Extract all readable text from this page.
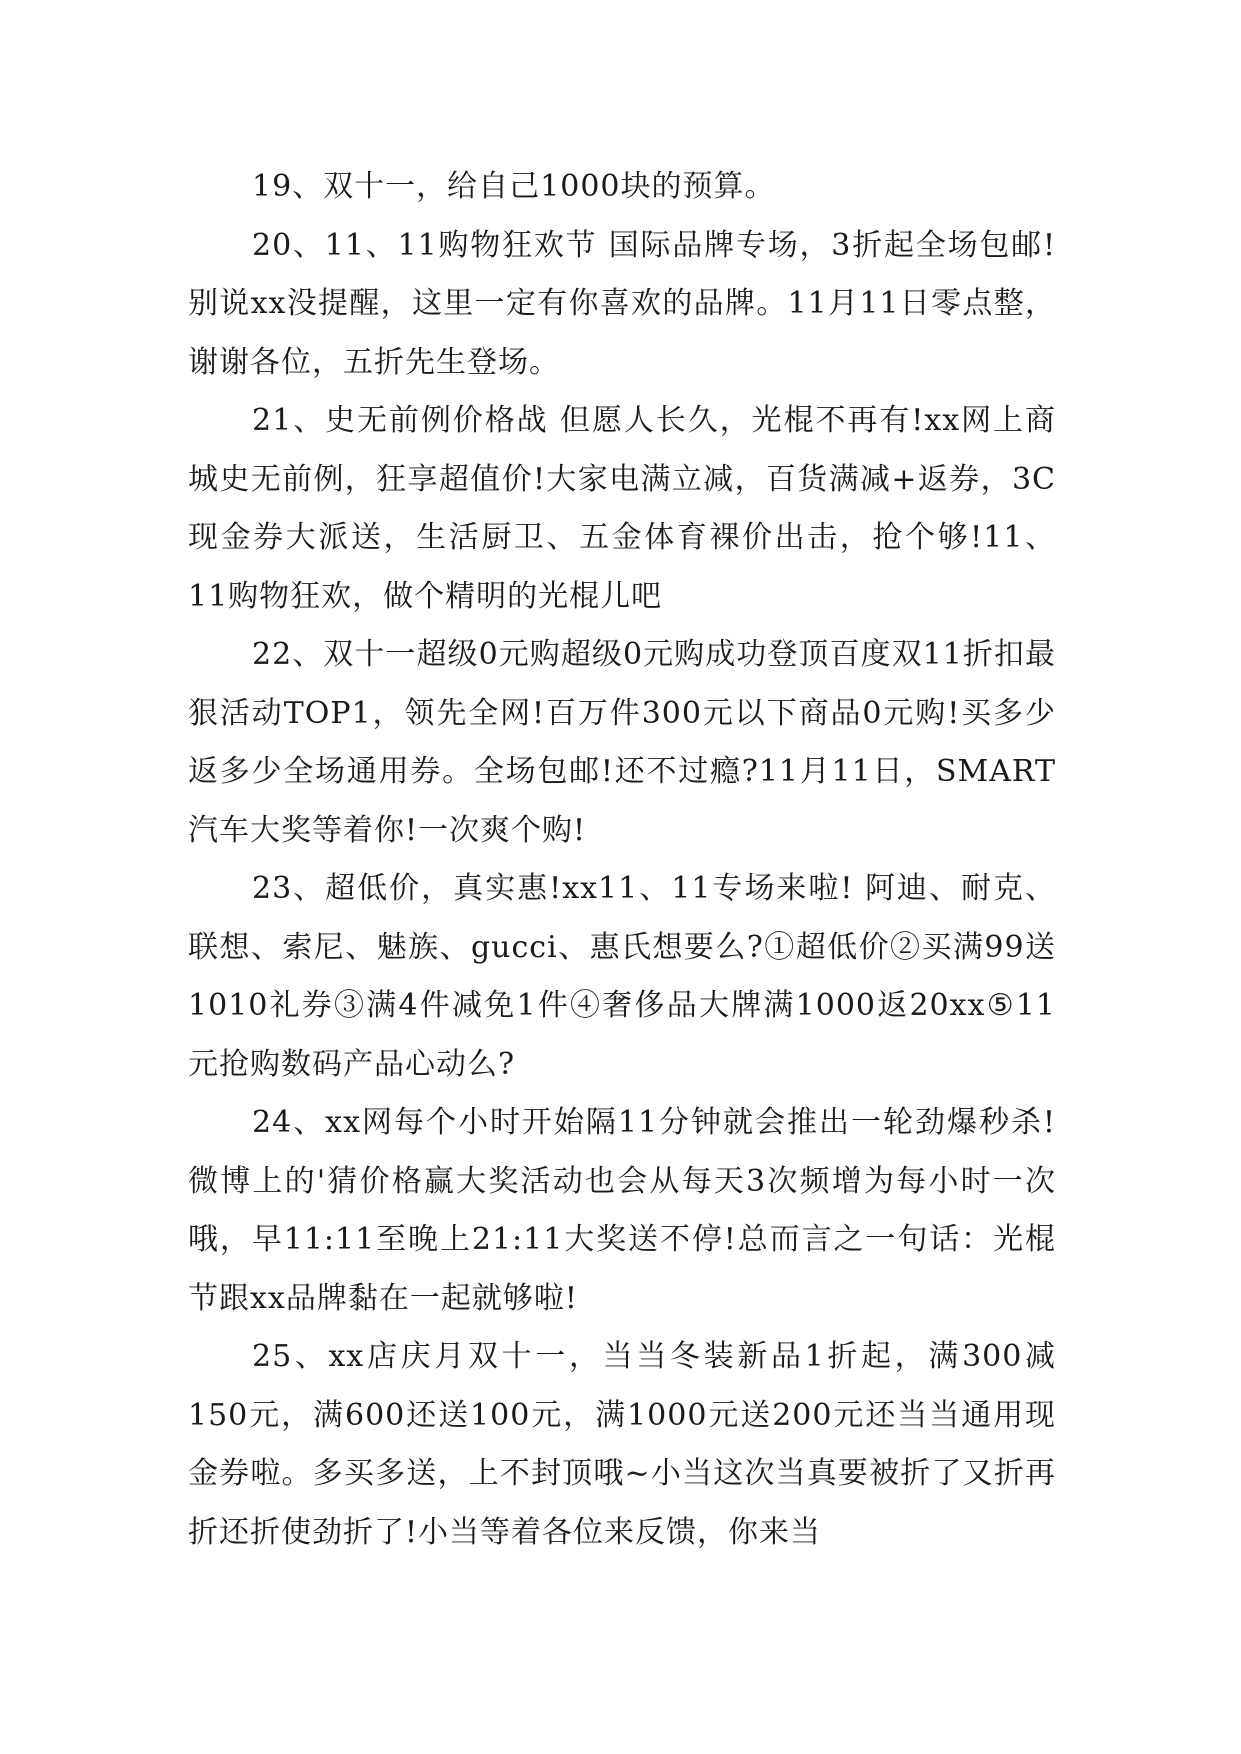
19、双十一，给自己1000块的预算。

20、11、11购物狂欢节 国际品牌专场，3折起全场包邮!别说xx没提醒，这里一定有你喜欢的品牌。11月11日零点整，谢谢各位，五折先生登场。

21、史无前例价格战 但愿人长久，光棍不再有!xx网上商城史无前例，狂享超值价!大家电满立减，百货满减+返券，3C现金券大派送，生活厨卫、五金体育裸价出击，抢个够!11、11购物狂欢，做个精明的光棍儿吧

22、双十一超级0元购超级0元购成功登顶百度双11折扣最狠活动TOP1，领先全网!百万件300元以下商品0元购!买多少返多少全场通用券。全场包邮!还不过瘾?11月11日，SMART汽车大奖等着你!一次爽个购!

23、超低价，真实惠!xx11、11专场来啦! 阿迪、耐克、联想、索尼、魅族、gucci、惠氏想要么?①超低价②买满99送1010礼券③满4件减免1件④奢侈品大牌满1000返20xx⑤11元抢购数码产品心动么?

24、xx网每个小时开始隔11分钟就会推出一轮劲爆秒杀!微博上的'猜价格赢大奖活动也会从每天3次频增为每小时一次哦，早11:11至晚上21:11大奖送不停!总而言之一句话：光棍节跟xx品牌黏在一起就够啦!

25、xx店庆月双十一，当当冬装新品1折起，满300减150元，满600还送100元，满1000元送200元还当当通用现金券啦。多买多送，上不封顶哦~小当这次当真要被折了又折再折还折使劲折了!小当等着各位来反馈，你来当
